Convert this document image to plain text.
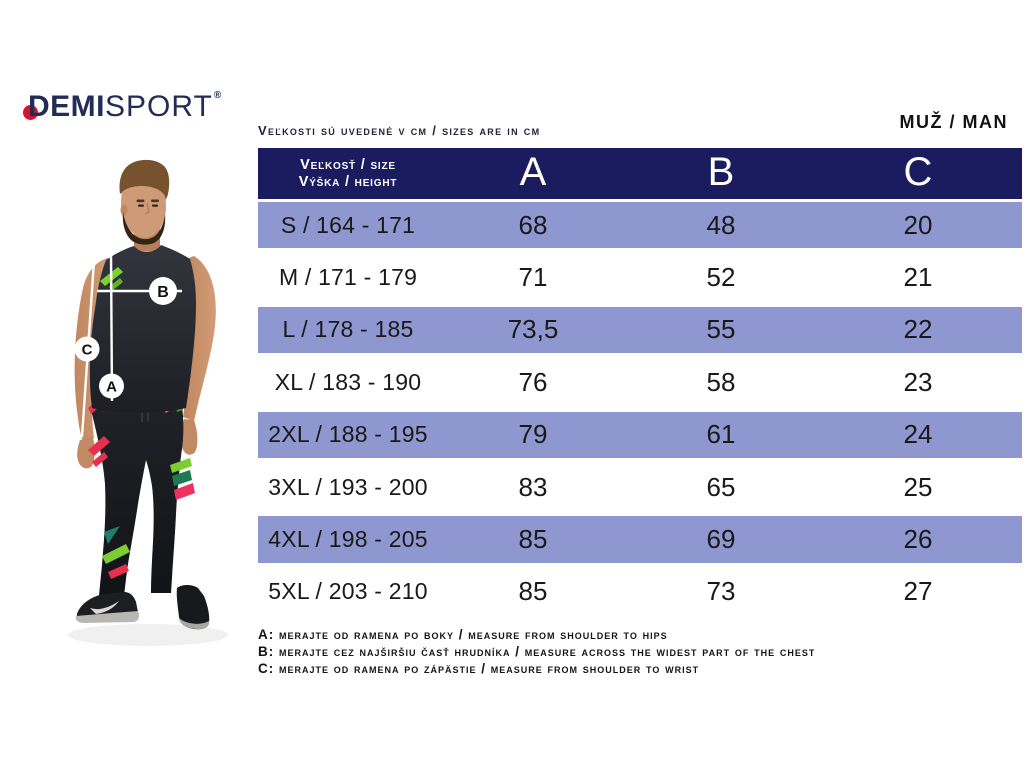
DEMISPORT®
Veľkosti sú uvedené v cm / sizes are in cm	MUŽ / MAN
Veľkosť / size
Výška / height	A	B	C
S / 164 - 171	68	48	20
M / 171 - 179	71	52	21
L / 178 - 185	73,5	55	22
XL / 183 - 190	76	58	23
2XL / 188 - 195	79	61	24
3XL / 193 - 200	83	65	25
4XL / 198 - 205	85	69	26
5XL / 203 - 210	85	73	27
A: merajte od ramena po boky / measure from shoulder to hips
B: merajte cez najširšiu časť hrudníka / measure across the widest part of the chest
C: merajte od ramena po zápästie / measure from shoulder to wrist
B
C
A
